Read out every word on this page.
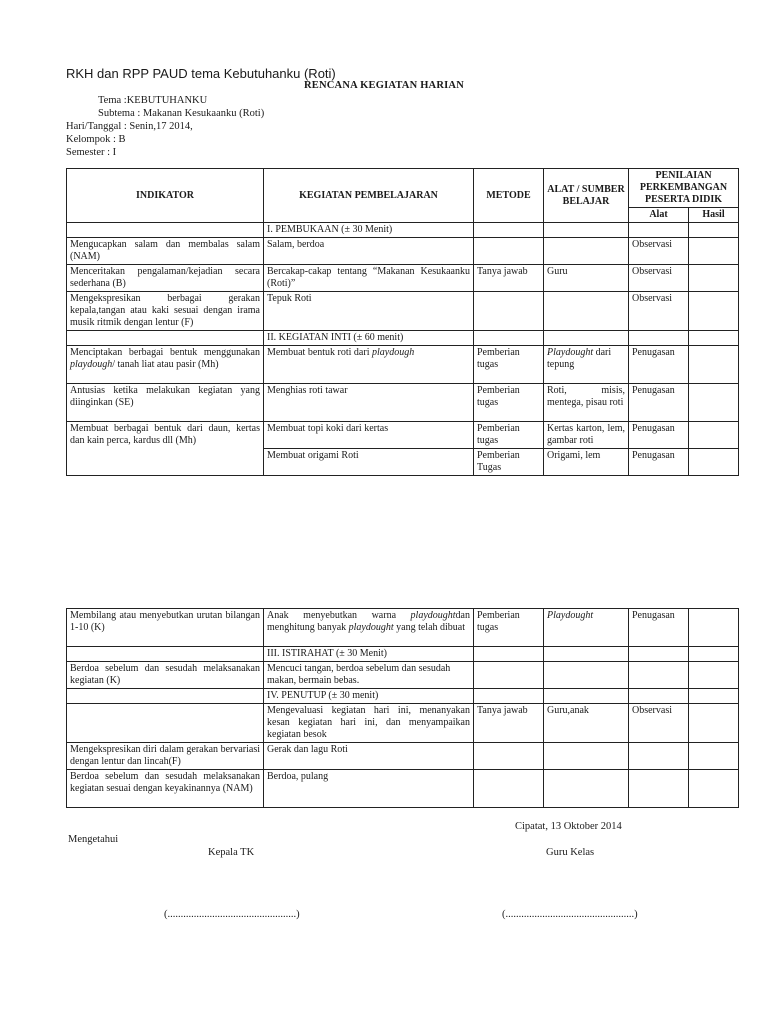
RKH dan RPP PAUD tema Kebutuhanku (Roti)
RENCANA KEGIATAN HARIAN
Tema :KEBUTUHANKU
Subtema : Makanan Kesukaanku (Roti)
Hari/Tanggal : Senin,17 2014,
Kelompok : B
Semester : I
INDIKATOR	KEGIATAN PEMBELAJARAN	METODE	ALAT / SUMBER BELAJAR	PENILAIAN PERKEMBANGAN PESERTA DIDIK	
				Alat	Hasil
	I. PEMBUKAAN (± 30 Menit)				
Mengucapkan salam dan membalas salam (NAM)	Salam, berdoa			Observasi	
Menceritakan pengalaman/kejadian secara sederhana (B)	Bercakap-cakap tentang “Makanan Kesukaanku (Roti)”	Tanya jawab	Guru	Observasi	
Mengekspresikan berbagai gerakan kepala,tangan atau kaki sesuai dengan irama musik ritmik dengan lentur (F)	Tepuk Roti			Observasi	
	II. KEGIATAN INTI (± 60 menit)				
Menciptakan berbagai bentuk menggunakan playdough/ tanah liat atau pasir (Mh)	Membuat bentuk roti dari playdough	Pemberian tugas	Playdought dari tepung	Penugasan	
Antusias ketika melakukan kegiatan yang diinginkan (SE)	Menghias roti tawar	Pemberian tugas	Roti, misis, mentega, pisau roti	Penugasan	
Membuat berbagai bentuk dari daun, kertas dan kain perca, kardus dll (Mh)	Membuat topi koki dari kertas	Pemberian tugas	Kertas karton, lem, gambar roti	Penugasan	
	Membuat origami Roti	Pemberian Tugas	Origami, lem	Penugasan	
Membilang atau menyebutkan urutan bilangan 1-10 (K)	Anak menyebutkan warna playdoughtdan menghitung banyak playdought yang telah dibuat	Pemberian tugas	Playdought	Penugasan	
	III. ISTIRAHAT (± 30 Menit)				
Berdoa sebelum dan sesudah melaksanakan kegiatan (K)	Mencuci tangan, berdoa sebelum dan sesudah makan, bermain bebas.				
	IV. PENUTUP (± 30 menit)				
	Mengevaluasi kegiatan hari ini, menanyakan kesan kegiatan hari ini, dan menyampaikan kegiatan besok	Tanya jawab	Guru,anak	Observasi	
Mengekspresikan diri dalam gerakan bervariasi dengan lentur dan lincah(F)	Gerak dan lagu Roti				
Berdoa sebelum dan sesudah melaksanakan kegiatan sesuai dengan keyakinannya (NAM)	Berdoa, pulang				
Cipatat, 13 Oktober 2014
Mengetahui
Kepala TK	Guru Kelas
(.................................................)	(.................................................)
